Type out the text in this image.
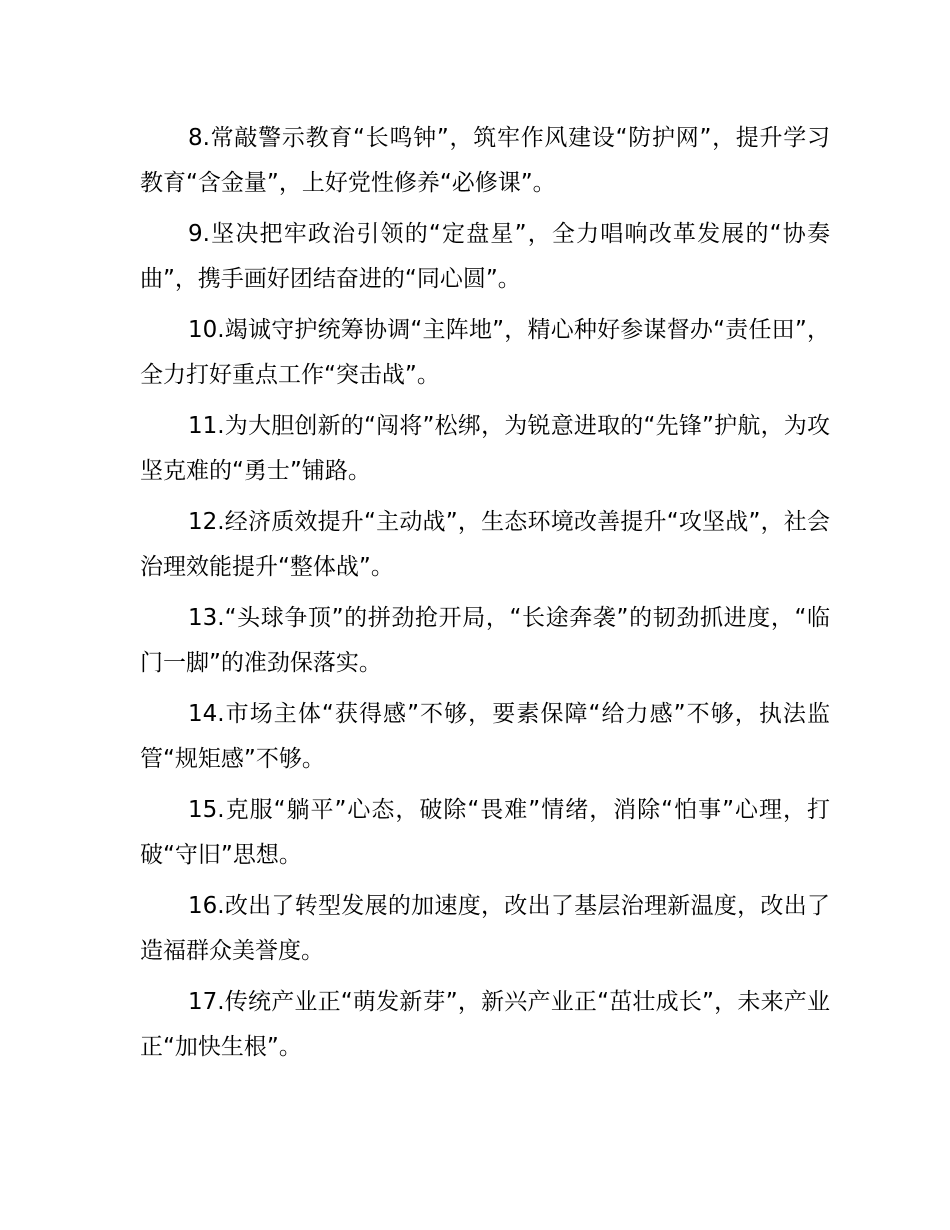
8.常敲警示教育“长鸣钟”，筑牢作风建设“防护网”，提升学习教育“含金量”，上好党性修养“必修课”。

9.坚决把牢政治引领的“定盘星”，全力唱响改革发展的“协奏曲”，携手画好团结奋进的“同心圆”。

10.竭诚守护统筹协调“主阵地”，精心种好参谋督办“责任田”，全力打好重点工作“突击战”。

11.为大胆创新的“闯将”松绑，为锐意进取的“先锋”护航，为攻坚克难的“勇士”铺路。

12.经济质效提升“主动战”，生态环境改善提升“攻坚战”，社会治理效能提升“整体战”。

13.“头球争顶”的拼劲抢开局，“长途奔袭”的韧劲抓进度，“临门一脚”的准劲保落实。

14.市场主体“获得感”不够，要素保障“给力感”不够，执法监管“规矩感”不够。

15.克服“躺平”心态，破除“畏难”情绪，消除“怕事”心理，打破“守旧”思想。

16.改出了转型发展的加速度，改出了基层治理新温度，改出了造福群众美誉度。

17.传统产业正“萌发新芽”，新兴产业正“茁壮成长”，未来产业正“加快生根”。
